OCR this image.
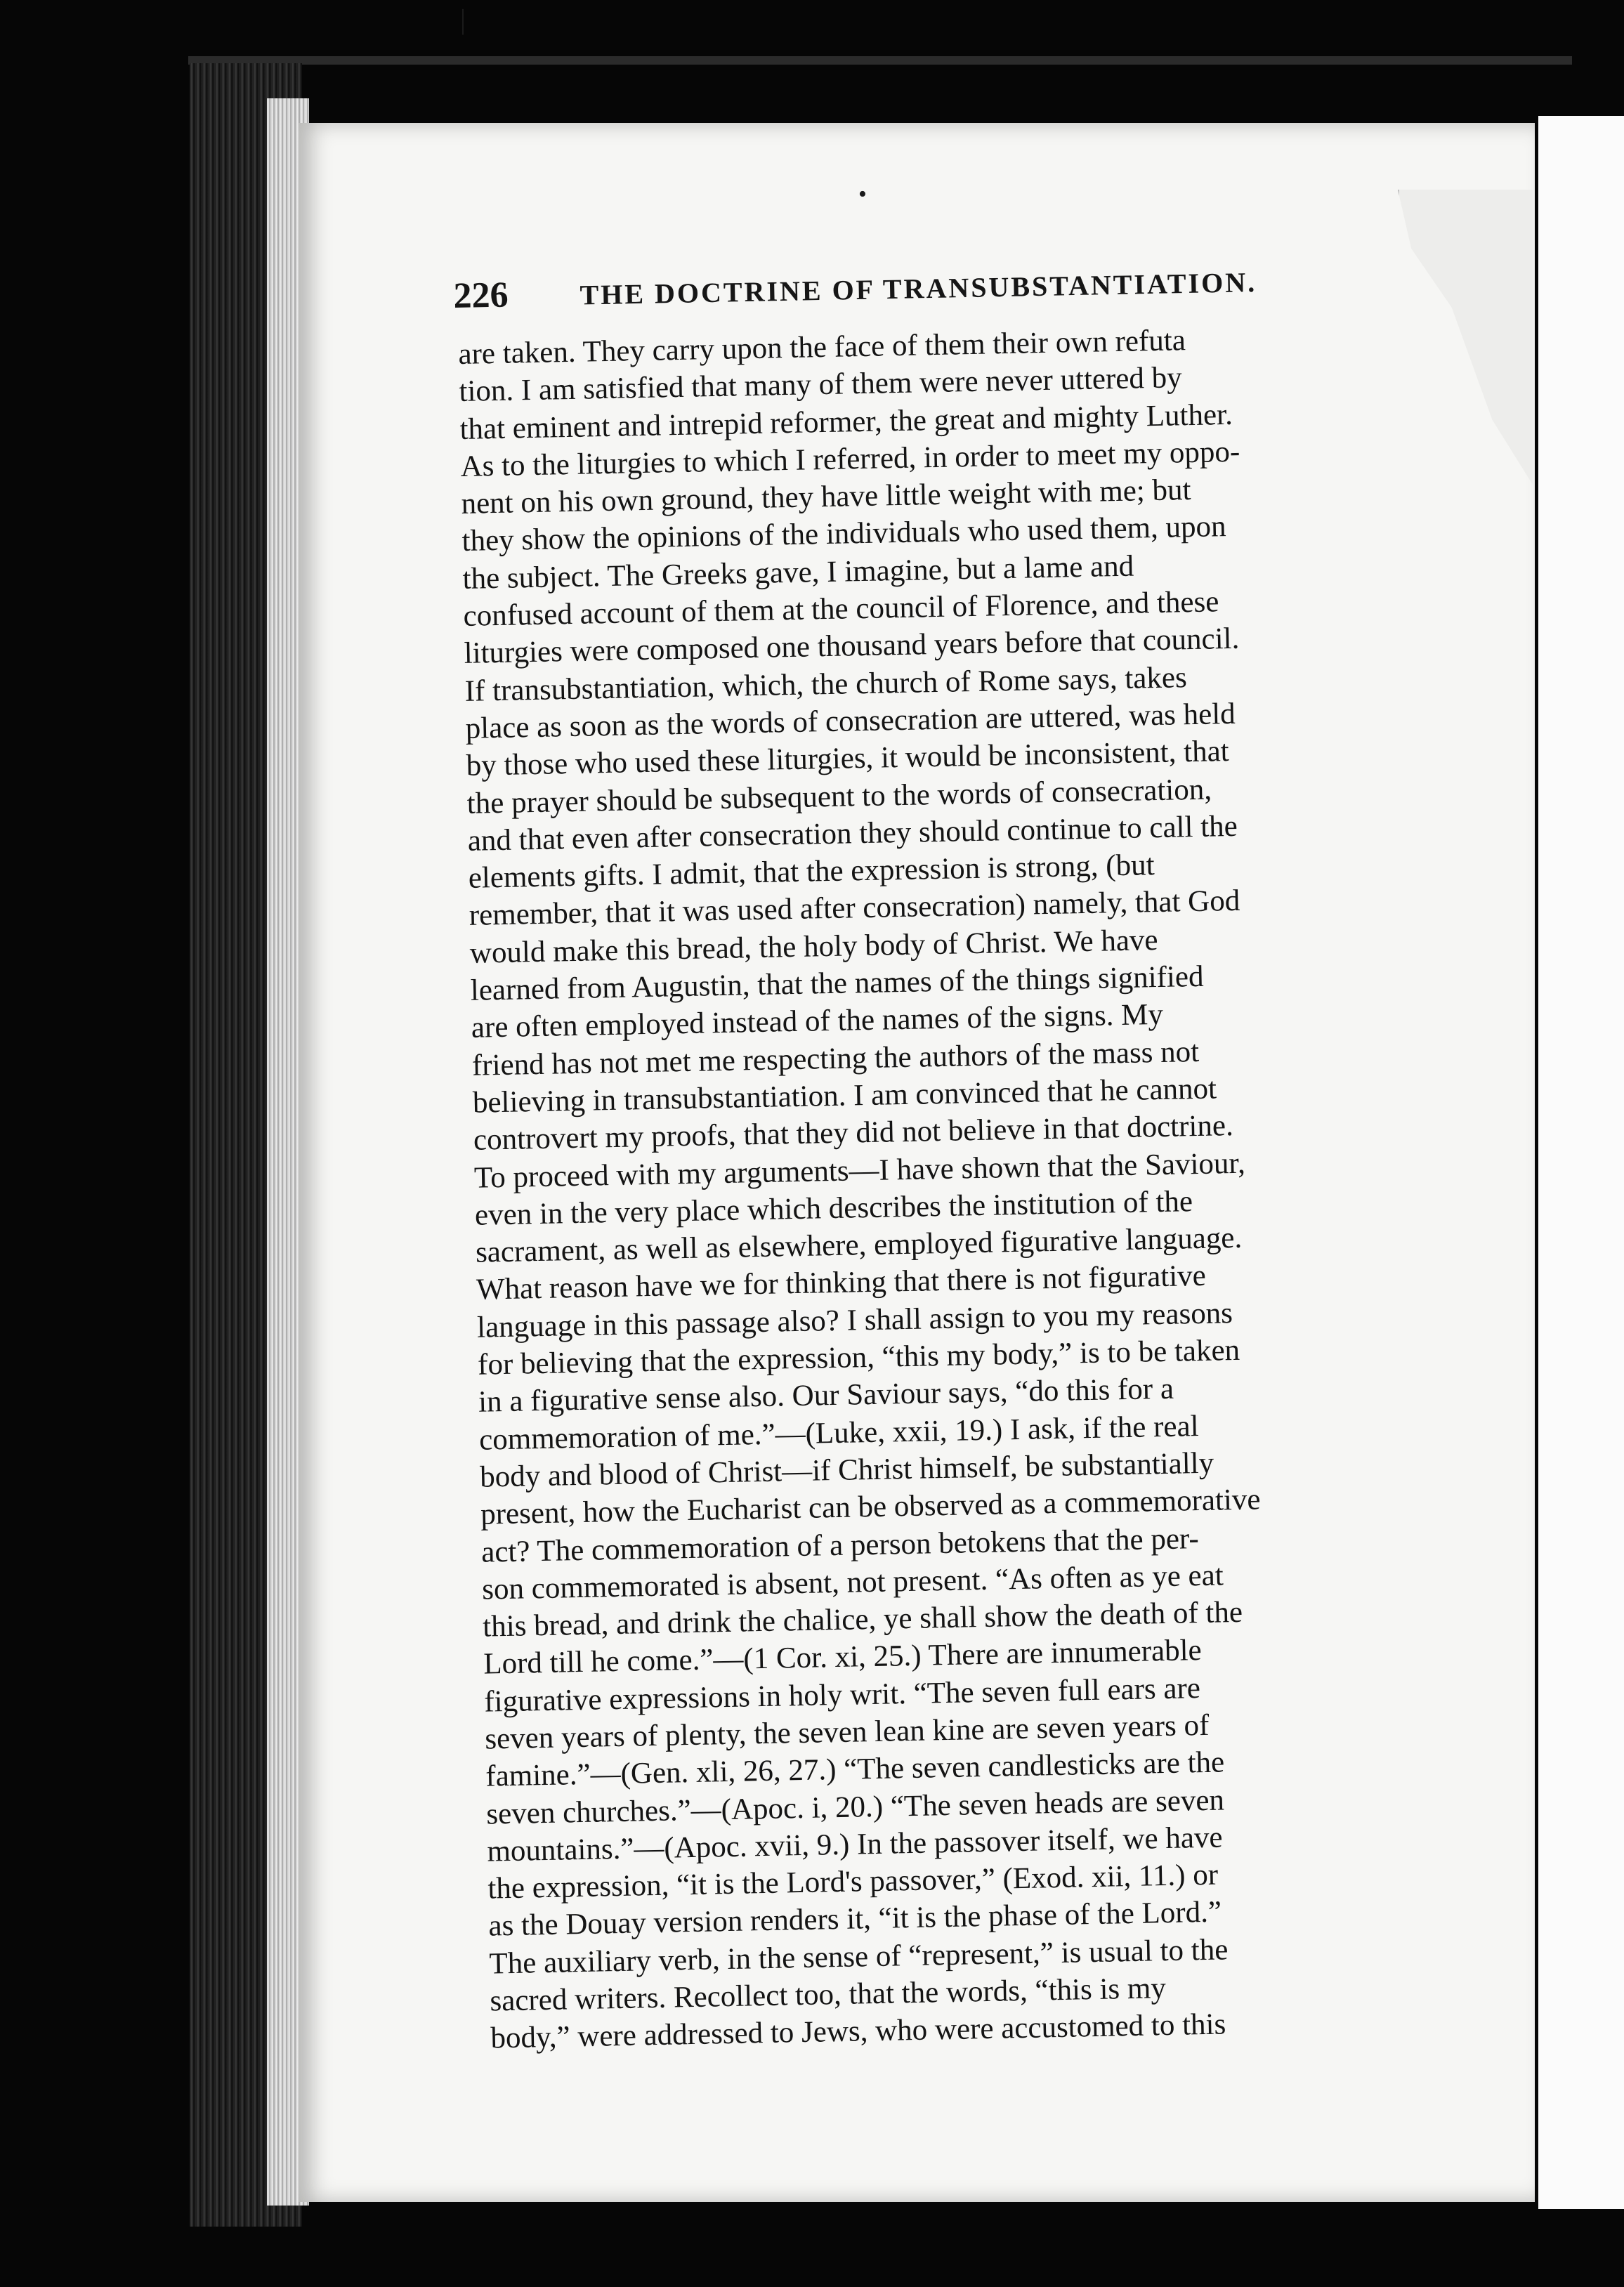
|
•
226	THE DOCTRINE OF TRANSUBSTANTIATION.
are taken. They carry upon the face of them their own refuta
tion. I am satisfied that many of them were never uttered by
that eminent and intrepid reformer, the great and mighty Luther.
As to the liturgies to which I referred, in order to meet my oppo-
nent on his own ground, they have little weight with me; but
they show the opinions of the individuals who used them, upon
the subject. The Greeks gave, I imagine, but a lame and
confused account of them at the council of Florence, and these
liturgies were composed one thousand years before that council.
If transubstantiation, which, the church of Rome says, takes
place as soon as the words of consecration are uttered, was held
by those who used these liturgies, it would be inconsistent, that
the prayer should be subsequent to the words of consecration,
and that even after consecration they should continue to call the
elements gifts. I admit, that the expression is strong, (but
remember, that it was used after consecration) namely, that God
would make this bread, the holy body of Christ. We have
learned from Augustin, that the names of the things signified
are often employed instead of the names of the signs. My
friend has not met me respecting the authors of the mass not
believing in transubstantiation. I am convinced that he cannot
controvert my proofs, that they did not believe in that doctrine.
To proceed with my arguments—I have shown that the Saviour,
even in the very place which describes the institution of the
sacrament, as well as elsewhere, employed figurative language.
What reason have we for thinking that there is not figurative
language in this passage also? I shall assign to you my reasons
for believing that the expression, “this my body,” is to be taken
in a figurative sense also. Our Saviour says, “do this for a
commemoration of me.”—(Luke, xxii, 19.) I ask, if the real
body and blood of Christ—if Christ himself, be substantially
present, how the Eucharist can be observed as a commemorative
act? The commemoration of a person betokens that the per-
son commemorated is absent, not present. “As often as ye eat
this bread, and drink the chalice, ye shall show the death of the
Lord till he come.”—(1 Cor. xi, 25.) There are innumerable
figurative expressions in holy writ. “The seven full ears are
seven years of plenty, the seven lean kine are seven years of
famine.”—(Gen. xli, 26, 27.) “The seven candlesticks are the
seven churches.”—(Apoc. i, 20.) “The seven heads are seven
mountains.”—(Apoc. xvii, 9.) In the passover itself, we have
the expression, “it is the Lord's passover,” (Exod. xii, 11.) or
as the Douay version renders it, “it is the phase of the Lord.”
The auxiliary verb, in the sense of “represent,” is usual to the
sacred writers. Recollect too, that the words, “this is my
body,” were addressed to Jews, who were accustomed to this
